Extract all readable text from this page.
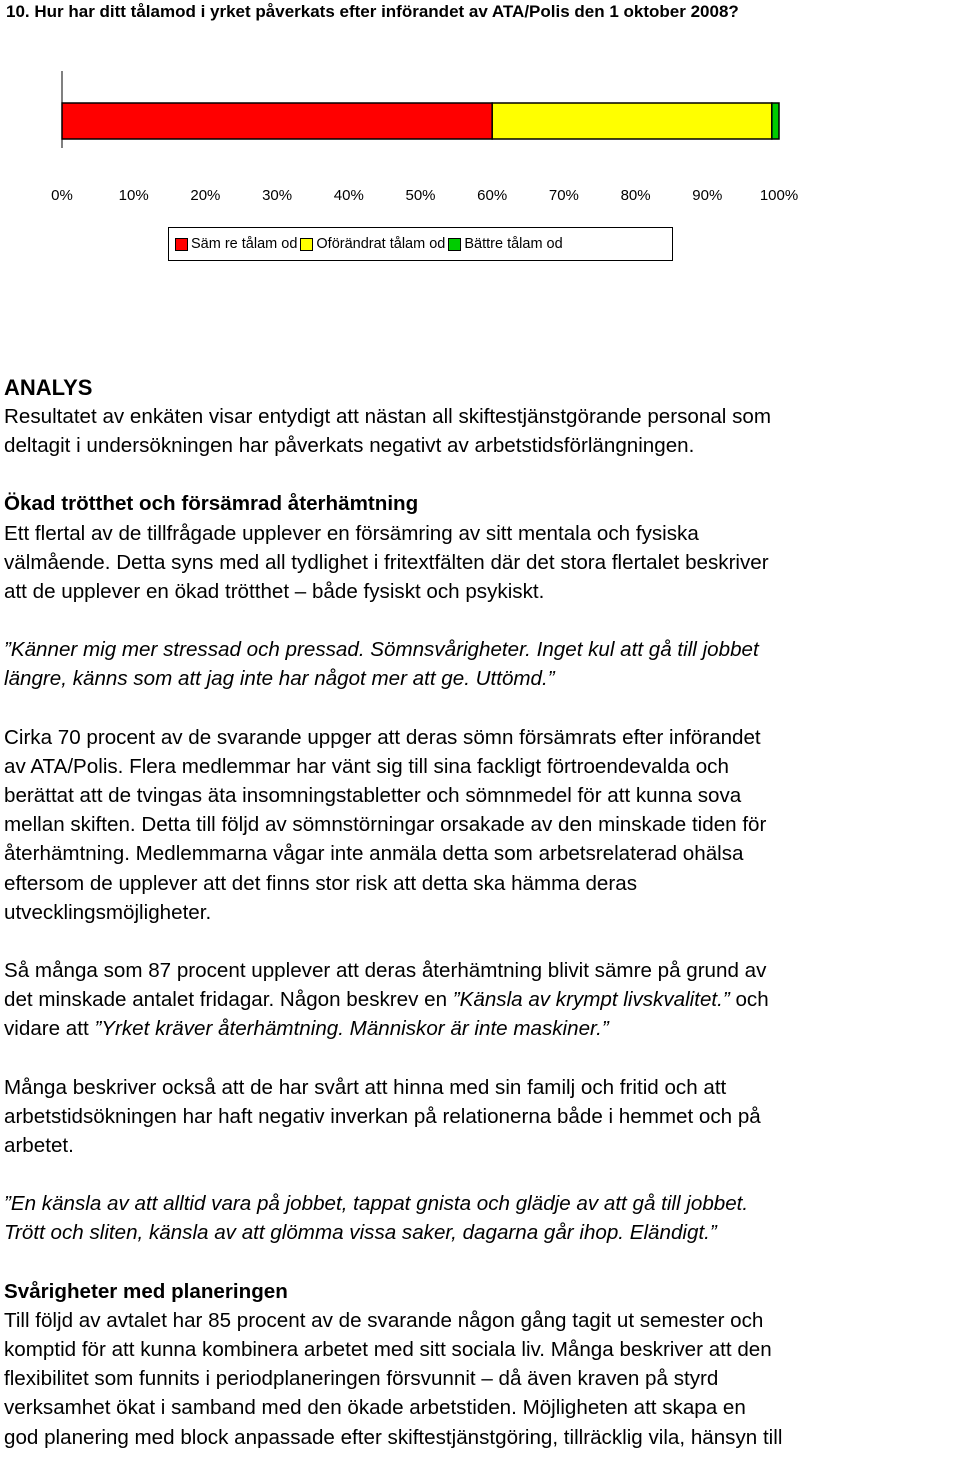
10. Hur har ditt tålamod i yrket påverkats efter införandet av ATA/Polis den 1 oktober 2008?
0%	10%	20%	30%	40%	50%	60%	70%	80%	90% 100%
Säm re tålam od Oförändrat tålam od Bättre tålam od
ANALYS

Resultatet av enkäten visar entydigt att nästan all skiftestjänstgörande personal som

deltagit i undersökningen har påverkats negativt av arbetstidsförlängningen.

Ökad trötthet och försämrad återhämtning

Ett flertal av de tillfrågade upplever en försämring av sitt mentala och fysiska

välmående. Detta syns med all tydlighet i fritextfälten där det stora flertalet beskriver

att de upplever en ökad trötthet – både fysiskt och psykiskt.

”Känner mig mer stressad och pressad. Sömnsvårigheter. Inget kul att gå till jobbet

längre, känns som att jag inte har något mer att ge. Uttömd.”

Cirka 70 procent av de svarande uppger att deras sömn försämrats efter införandet

av ATA/Polis. Flera medlemmar har vänt sig till sina fackligt förtroendevalda och

berättat att de tvingas äta insomningstabletter och sömnmedel för att kunna sova

mellan skiften. Detta till följd av sömnstörningar orsakade av den minskade tiden för

återhämtning. Medlemmarna vågar inte anmäla detta som arbetsrelaterad ohälsa

eftersom de upplever att det finns stor risk att detta ska hämma deras

utvecklingsmöjligheter.

Så många som 87 procent upplever att deras återhämtning blivit sämre på grund av

det minskade antalet fridagar. Någon beskrev en ”Känsla av krympt livskvalitet.” och

vidare att ”Yrket kräver återhämtning. Människor är inte maskiner.”

Många beskriver också att de har svårt att hinna med sin familj och fritid och att

arbetstidsökningen har haft negativ inverkan på relationerna både i hemmet och på

arbetet.

”En känsla av att alltid vara på jobbet, tappat gnista och glädje av att gå till jobbet.

Trött och sliten, känsla av att glömma vissa saker, dagarna går ihop. Eländigt.”

Svårigheter med planeringen

Till följd av avtalet har 85 procent av de svarande någon gång tagit ut semester och

komptid för att kunna kombinera arbetet med sitt sociala liv. Många beskriver att den

flexibilitet som funnits i periodplaneringen försvunnit – då även kraven på styrd

verksamhet ökat i samband med den ökade arbetstiden. Möjligheten att skapa en

god planering med block anpassade efter skiftestjänstgöring, tillräcklig vila, hänsyn till
